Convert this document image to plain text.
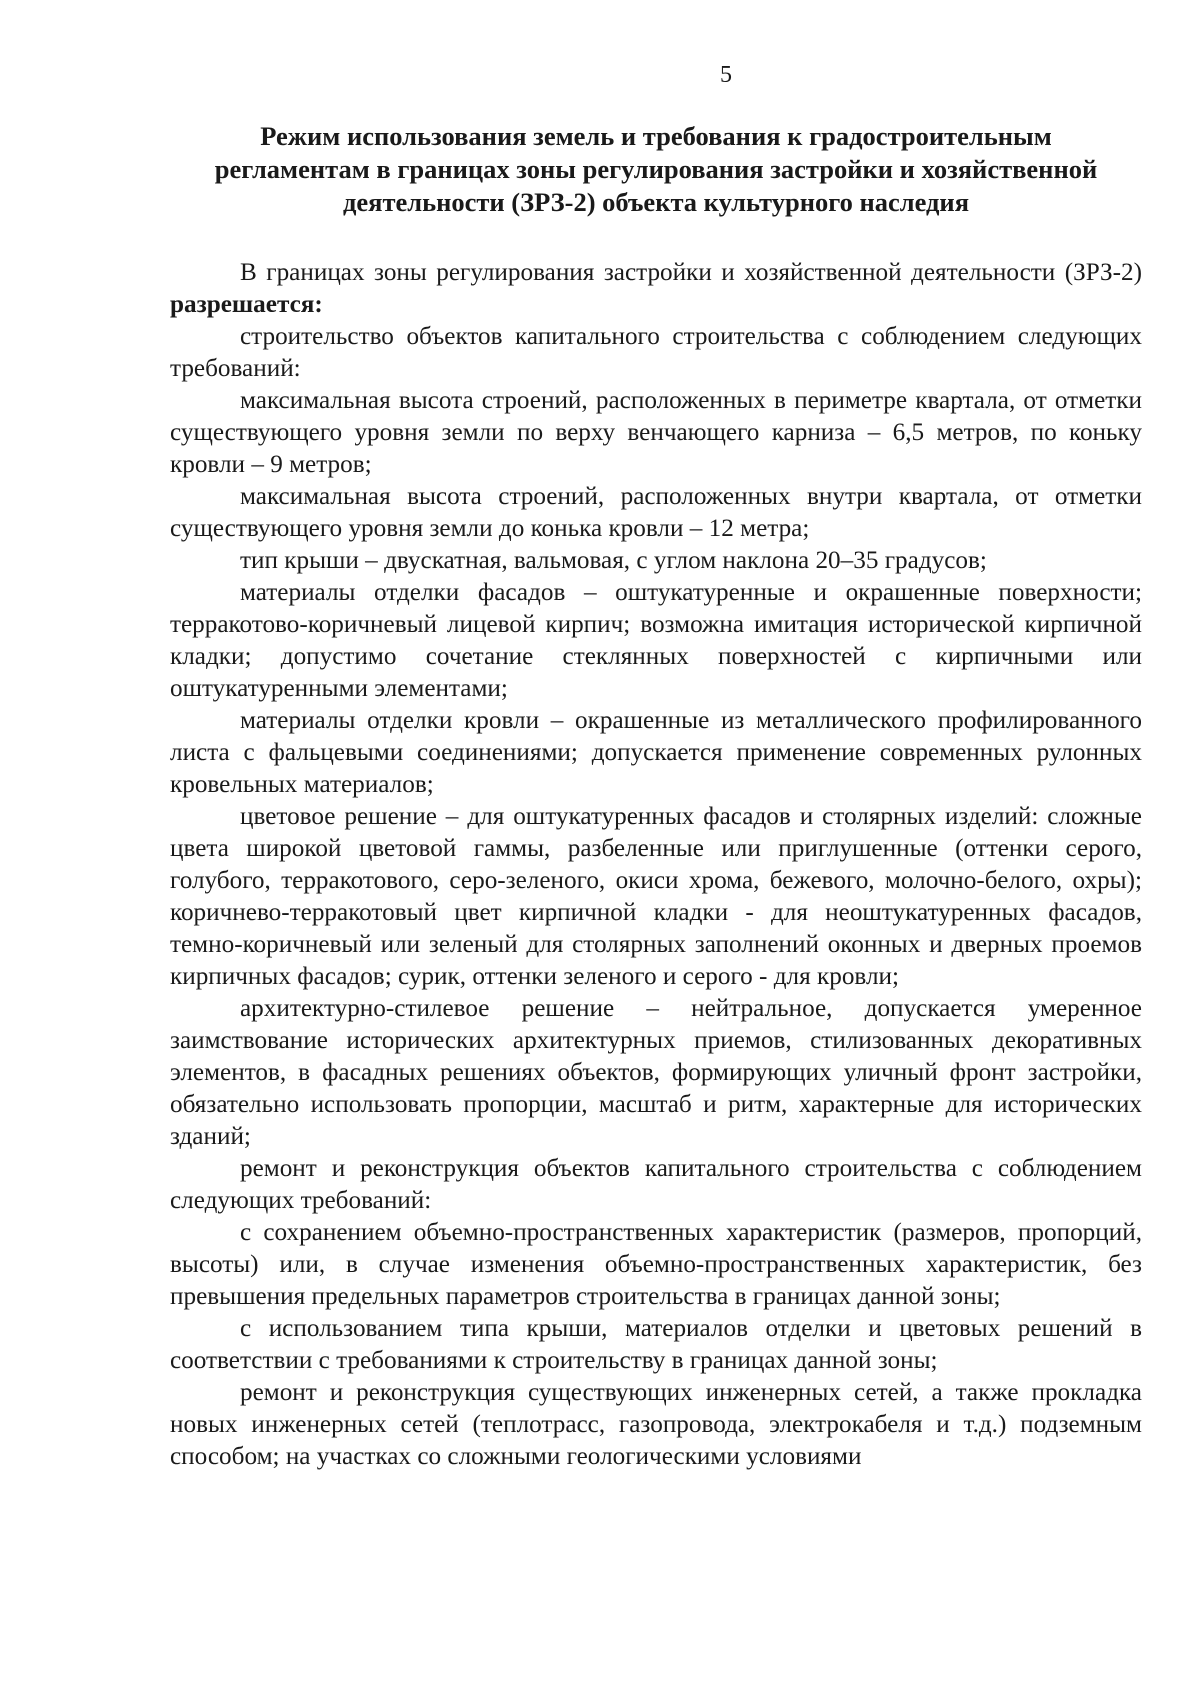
5
Режим использования земель и требования к градостроительным
регламентам в границах зоны регулирования застройки и хозяйственной
деятельности (ЗРЗ-2) объекта культурного наследия

В границах зоны регулирования застройки и хозяйственной деятельности (ЗРЗ-2) разрешается:

строительство объектов капитального строительства с соблюдением следующих требований:

максимальная высота строений, расположенных в периметре квартала, от отметки существующего уровня земли по верху венчающего карниза – 6,5 метров, по коньку кровли – 9 метров;

максимальная высота строений, расположенных внутри квартала, от отметки существующего уровня земли до конька кровли – 12 метра;

тип крыши – двускатная, вальмовая, с углом наклона 20–35 градусов;

материалы отделки фасадов – оштукатуренные и окрашенные поверхности; терракотово-коричневый лицевой кирпич; возможна имитация исторической кирпичной кладки; допустимо сочетание стеклянных поверхностей с кирпичными или оштукатуренными элементами;

материалы отделки кровли – окрашенные из металлического профилированного листа с фальцевыми соединениями; допускается применение современных рулонных кровельных материалов;

цветовое решение – для оштукатуренных фасадов и столярных изделий: сложные цвета широкой цветовой гаммы, разбеленные или приглушенные (оттенки серого, голубого, терракотового, серо-зеленого, окиси хрома, бежевого, молочно-белого, охры); коричнево-терракотовый цвет кирпичной кладки - для неоштукатуренных фасадов, темно-коричневый или зеленый для столярных заполнений оконных и дверных проемов кирпичных фасадов; сурик, оттенки зеленого и серого - для кровли;

архитектурно-стилевое решение – нейтральное, допускается умеренное заимствование исторических архитектурных приемов, стилизованных декоративных элементов, в фасадных решениях объектов, формирующих уличный фронт застройки, обязательно использовать пропорции, масштаб и ритм, характерные для исторических зданий;

ремонт и реконструкция объектов капитального строительства с соблюдением следующих требований:

с сохранением объемно-пространственных характеристик (размеров, пропорций, высоты) или, в случае изменения объемно-пространственных характеристик, без превышения предельных параметров строительства в границах данной зоны;

с использованием типа крыши, материалов отделки и цветовых решений в соответствии с требованиями к строительству в границах данной зоны;

ремонт и реконструкция существующих инженерных сетей, а также прокладка новых инженерных сетей (теплотрасс, газопровода, электрокабеля и т.д.) подземным способом; на участках со сложными геологическими условиями
